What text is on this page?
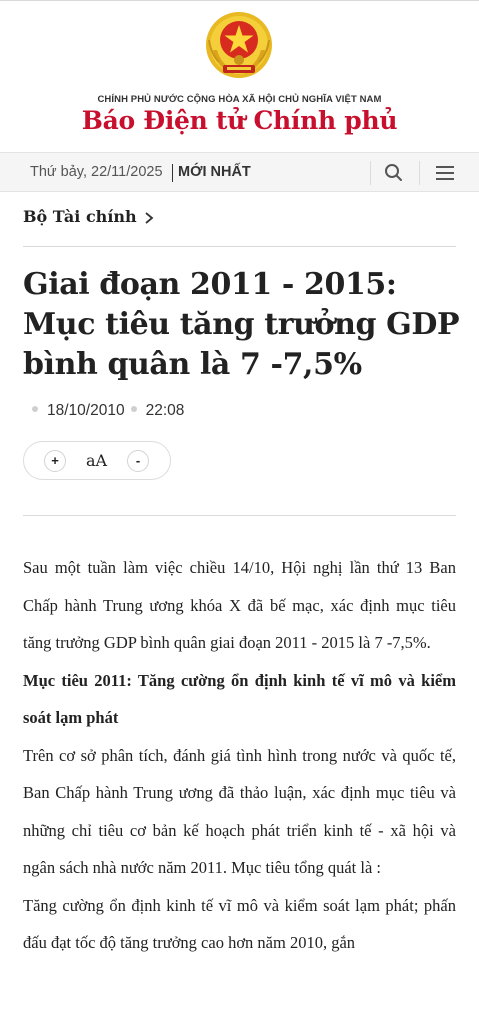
CHÍNH PHỦ NƯỚC CỘNG HÒA XÃ HỘI CHỦ NGHĨA VIỆT NAM
Báo Điện tử Chính phủ
Thứ bảy, 22/11/2025 MỚI NHẤT
Bộ Tài chính
Giai đoạn 2011 - 2015: Mục tiêu tăng trưởng GDP bình quân là 7 -7,5%
18/10/2010 22:08
+	aA	-

Sau một tuần làm việc chiều 14/10, Hội nghị lần thứ 13 Ban Chấp hành Trung ương khóa X đã bế mạc, xác định mục tiêu tăng trưởng GDP bình quân giai đoạn 2011 - 2015 là 7 -7,5%.

Mục tiêu 2011: Tăng cường ổn định kinh tế vĩ mô và kiểm soát lạm phát

Trên cơ sở phân tích, đánh giá tình hình trong nước và quốc tế, Ban Chấp hành Trung ương đã thảo luận, xác định mục tiêu và những chỉ tiêu cơ bản kế hoạch phát triển kinh tế - xã hội và ngân sách nhà nước năm 2011. Mục tiêu tổng quát là :

Tăng cường ổn định kinh tế vĩ mô và kiểm soát lạm phát; phấn đấu đạt tốc độ tăng trưởng cao hơn năm 2010, gắn
